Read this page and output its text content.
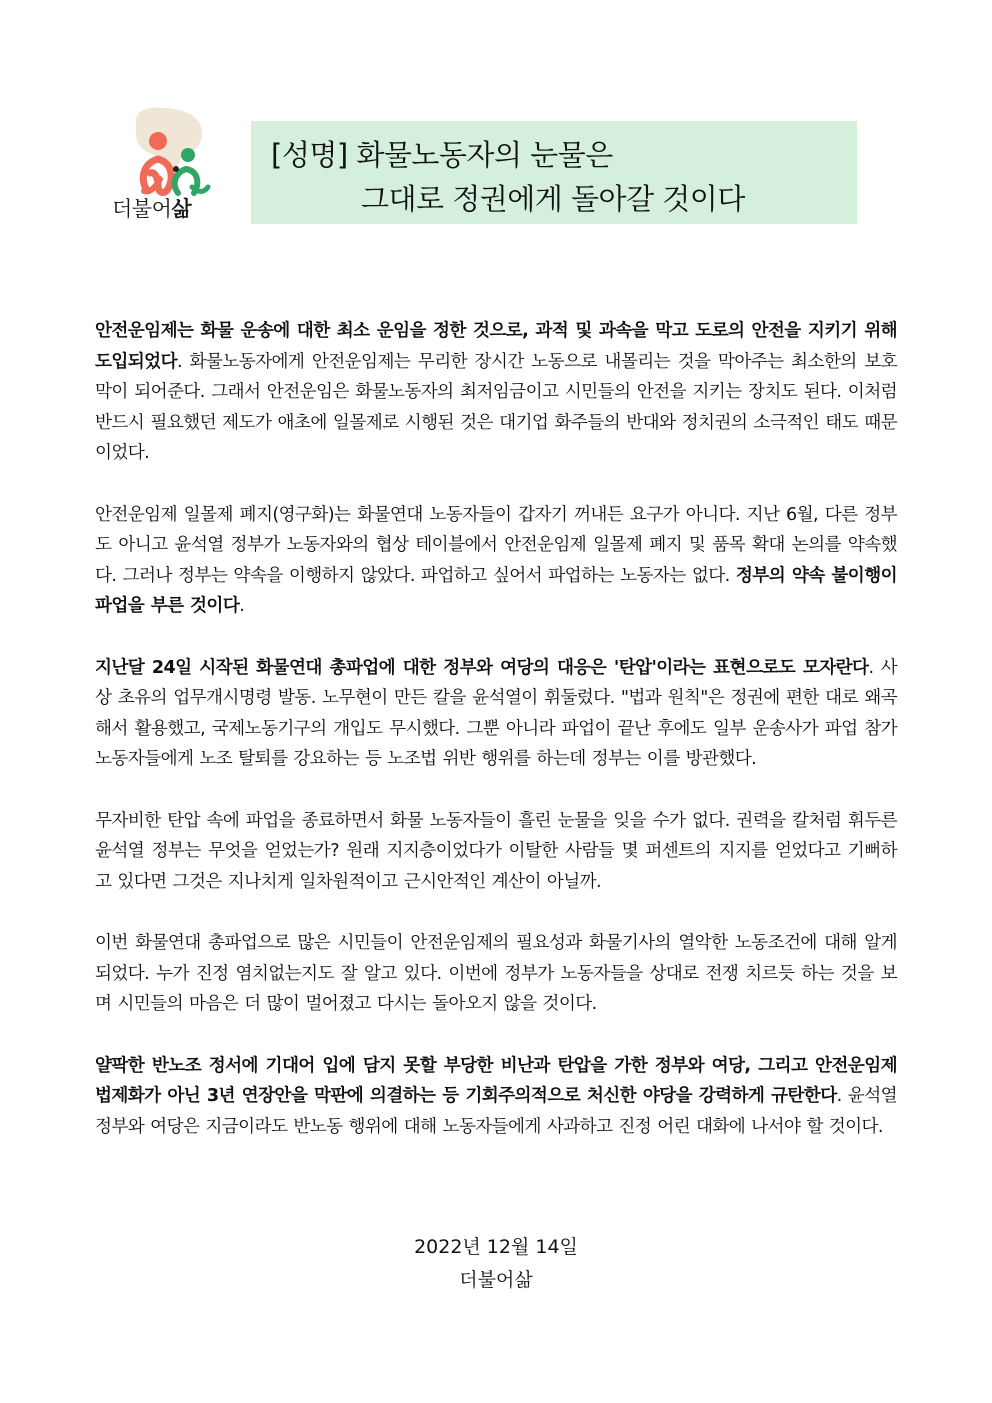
더불어삶
[성명] 화물노동자의 눈물은
그대로 정권에게 돌아갈 것이다

안전운임제는 화물 운송에 대한 최소 운임을 정한 것으로, 과적 및 과속을 막고 도로의 안전을 지키기 위해 도입되었다. 화물노동자에게 안전운임제는 무리한 장시간 노동으로 내몰리는 것을 막아주는 최소한의 보호막이 되어준다. 그래서 안전운임은 화물노동자의 최저임금이고 시민들의 안전을 지키는 장치도 된다. 이처럼 반드시 필요했던 제도가 애초에 일몰제로 시행된 것은 대기업 화주들의 반대와 정치권의 소극적인 태도 때문이었다.

안전운임제 일몰제 폐지(영구화)는 화물연대 노동자들이 갑자기 꺼내든 요구가 아니다. 지난 6월, 다른 정부도 아니고 윤석열 정부가 노동자와의 협상 테이블에서 안전운임제 일몰제 폐지 및 품목 확대 논의를 약속했다. 그러나 정부는 약속을 이행하지 않았다. 파업하고 싶어서 파업하는 노동자는 없다. 정부의 약속 불이행이 파업을 부른 것이다.

지난달 24일 시작된 화물연대 총파업에 대한 정부와 여당의 대응은 '탄압'이라는 표현으로도 모자란다. 사상 초유의 업무개시명령 발동. 노무현이 만든 칼을 윤석열이 휘둘렀다. "법과 원칙"은 정권에 편한 대로 왜곡해서 활용했고, 국제노동기구의 개입도 무시했다. 그뿐 아니라 파업이 끝난 후에도 일부 운송사가 파업 참가 노동자들에게 노조 탈퇴를 강요하는 등 노조법 위반 행위를 하는데 정부는 이를 방관했다.

무자비한 탄압 속에 파업을 종료하면서 화물 노동자들이 흘린 눈물을 잊을 수가 없다. 권력을 칼처럼 휘두른 윤석열 정부는 무엇을 얻었는가? 원래 지지층이었다가 이탈한 사람들 몇 퍼센트의 지지를 얻었다고 기뻐하고 있다면 그것은 지나치게 일차원적이고 근시안적인 계산이 아닐까.

이번 화물연대 총파업으로 많은 시민들이 안전운임제의 필요성과 화물기사의 열악한 노동조건에 대해 알게 되었다. 누가 진정 염치없는지도 잘 알고 있다. 이번에 정부가 노동자들을 상대로 전쟁 치르듯 하는 것을 보며 시민들의 마음은 더 많이 멀어졌고 다시는 돌아오지 않을 것이다.

얄팍한 반노조 정서에 기대어 입에 담지 못할 부당한 비난과 탄압을 가한 정부와 여당, 그리고 안전운임제 법제화가 아닌 3년 연장안을 막판에 의결하는 등 기회주의적으로 처신한 야당을 강력하게 규탄한다. 윤석열 정부와 여당은 지금이라도 반노동 행위에 대해 노동자들에게 사과하고 진정 어린 대화에 나서야 할 것이다.

2022년 12월 14일
더불어삶
